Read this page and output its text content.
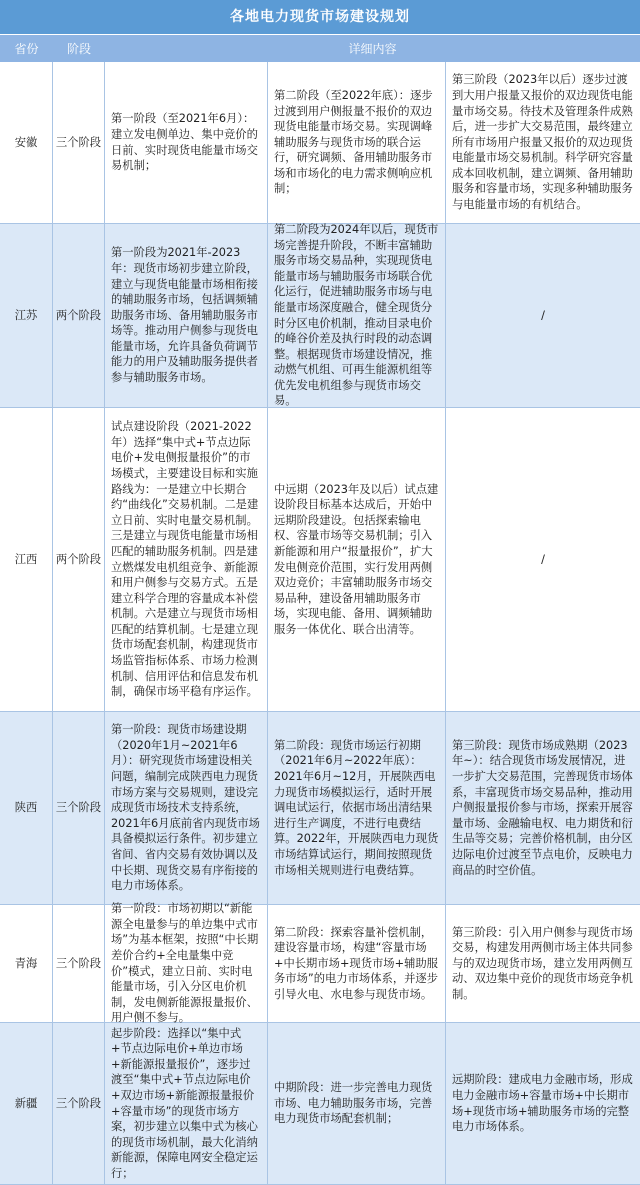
各地电力现货市场建设规划
省份	阶段	详细内容
安徽	三个阶段
第一阶段（至2021年6月）：建立发电侧单边、集中竞价的日前、实时现货电能量市场交易机制；
第二阶段（至2022年底）：逐步过渡到用户侧报量不报价的双边现货电能量市场交易。实现调峰辅助服务与现货市场的联合运行，研究调频、备用辅助服务市场和市场化的电力需求侧响应机制；
第三阶段（2023年以后）逐步过渡到大用户报量又报价的双边现货电能量市场交易。待技术及管理条件成熟后，进一步扩大交易范围，最终建立所有市场用户报量又报价的双边现货电能量市场交易机制。科学研究容量成本回收机制，建立调频、备用辅助服务和容量市场，实现多种辅助服务与电能量市场的有机结合。
江苏	两个阶段
第一阶段为2021年-2023年：现货市场初步建立阶段，建立与现货电能量市场相衔接的辅助服务市场，包括调频辅助服务市场、备用辅助服务市场等。推动用户侧参与现货电能量市场，允许具备负荷调节能力的用户及辅助服务提供者参与辅助服务市场。
第二阶段为2024年以后，现货市场完善提升阶段，不断丰富辅助服务市场交易品种，实现现货电能量市场与辅助服务市场联合优化运行，促进辅助服务市场与电能量市场深度融合，健全现货分时分区电价机制，推动目录电价的峰谷价差及执行时段的动态调整。根据现货市场建设情况，推动燃气机组、可再生能源机组等优先发电机组参与现货市场交易。
/
江西	两个阶段
试点建设阶段（2021-2022年）选择“集中式+节点边际电价+发电侧报量报价”的市场模式，主要建设目标和实施路线为：一是建立中长期合约“曲线化”交易机制。二是建立日前、实时电量交易机制。三是建立与现货电能量市场相匹配的辅助服务机制。四是建立燃煤发电机组竞争、新能源和用户侧参与交易方式。五是建立科学合理的容量成本补偿机制。六是建立与现货市场相匹配的结算机制。七是建立现货市场配套机制，构建现货市场监管指标体系、市场力检测机制、信用评估和信息发布机制，确保市场平稳有序运作。
中远期（2023年及以后）试点建设阶段目标基本达成后，开始中远期阶段建设。包括探索输电权、容量市场等交易机制；引入新能源和用户“报量报价”，扩大发电侧竞价范围，实行发用两侧双边竞价；丰富辅助服务市场交易品种，建设备用辅助服务市场，实现电能、备用、调频辅助服务一体优化、联合出清等。
/
陕西	三个阶段
第一阶段：现货市场建设期（2020年1月~2021年6月）：研究现货市场建设相关问题，编制完成陕西电力现货市场方案与交易规则，建设完成现货市场技术支持系统，2021年6月底前省内现货市场具备模拟运行条件。初步建立省间、省内交易有效协调以及中长期、现货交易有序衔接的电力市场体系。
第二阶段：现货市场运行初期（2021年6月~2022年底）：2021年6月~12月，开展陕西电力现货市场模拟运行，适时开展调电试运行，依据市场出清结果进行生产调度，不进行电费结算。2022年，开展陕西电力现货市场结算试运行，期间按照现货市场相关规则进行电费结算。
第三阶段：现货市场成熟期（2023年~）：结合现货市场发展情况，进一步扩大交易范围，完善现货市场体系，丰富现货市场交易品种，推动用户侧报量报价参与市场，探索开展容量市场、金融输电权、电力期货和衍生品等交易；完善价格机制，由分区边际电价过渡至节点电价，反映电力商品的时空价值。
青海	三个阶段
第一阶段：市场初期以“新能源全电量参与的单边集中式市场”为基本框架，按照“中长期差价合约+全电量集中竞价”模式，建立日前、实时电能量市场，引入分区电价机制，发电侧新能源报量报价、用户侧不参与。
第二阶段：探索容量补偿机制，建设容量市场，构建“容量市场+中长期市场+现货市场+辅助服务市场”的电力市场体系，并逐步引导火电、水电参与现货市场。
第三阶段：引入用户侧参与现货市场交易，构建发用两侧市场主体共同参与的双边现货市场，建立发用两侧互动、双边集中竞价的现货市场竞争机制。
新疆	三个阶段
起步阶段：选择以“集中式+节点边际电价+单边市场+新能源报量报价”，逐步过渡至“集中式+节点边际电价+双边市场+新能源报量报价+容量市场”的现货市场方案，初步建立以集中式为核心的现货市场机制，最大化消纳新能源，保障电网安全稳定运行；
中期阶段：进一步完善电力现货市场、电力辅助服务市场，完善电力现货市场配套机制；
远期阶段：建成电力金融市场，形成电力金融市场+容量市场+中长期市场+现货市场+辅助服务市场的完整电力市场体系。
